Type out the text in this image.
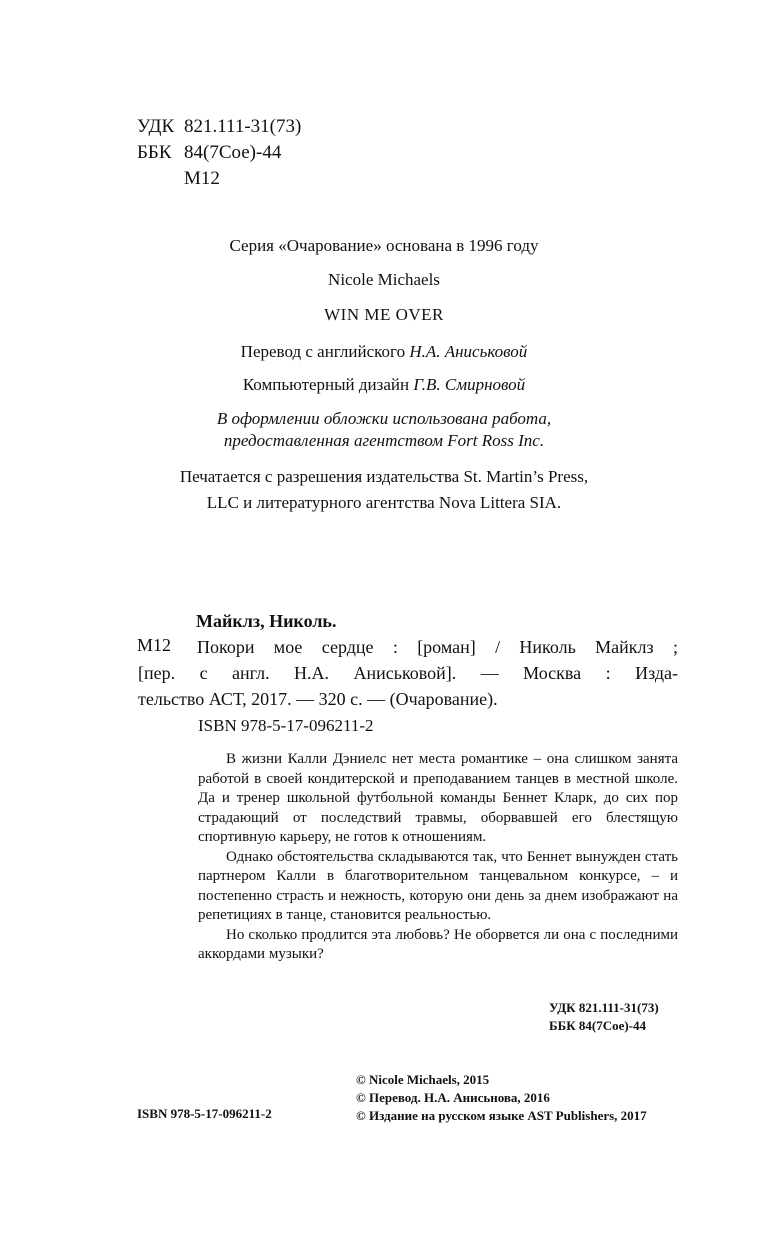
УДК 821.111-31(73)
ББК 84(7Сое)-44
М12
Серия «Очарование» основана в 1996 году
Nicole Michaels
WIN ME OVER
Перевод с английского Н.А. Аниськовой
Компьютерный дизайн Г.В. Смирновой
В оформлении обложки использована работа,
предоставленная агентством Fort Ross Inc.
Печатается с разрешения издательства St. Martin’s Press,
LLC и литературного агентства Nova Littera SIA.
Майклз, Николь.
М12	Покори мое сердце : [роман] / Николь Майклз ;
[пер. с англ. Н.А. Аниськовой]. — Москва : Изда-
тельство АСТ, 2017. — 320 с. — (Очарование).
ISBN 978-5-17-096211-2

В жизни Калли Дэниелс нет места романтике – она слишком занята работой в своей кондитерской и преподаванием танцев в местной школе. Да и тренер школьной футбольной команды Беннет Кларк, до сих пор страдающий от последствий травмы, оборвавшей его блестящую спортивную карьеру, не готов к отношениям.

Однако обстоятельства складываются так, что Беннет вынужден стать партнером Калли в благотворительном танцевальном конкурсе, – и постепенно страсть и нежность, которую они день за днем изображают на репетициях в танце, становится реальностью.

Но сколько продлится эта любовь? Не оборвется ли она с последними аккордами музыки?

УДК 821.111-31(73)
ББК 84(7Сое)-44
© Nicole Michaels, 2015
© Перевод. Н.А. Анисьнова, 2016
© Издание на русском языке AST Publishers, 2017
ISBN 978-5-17-096211-2
